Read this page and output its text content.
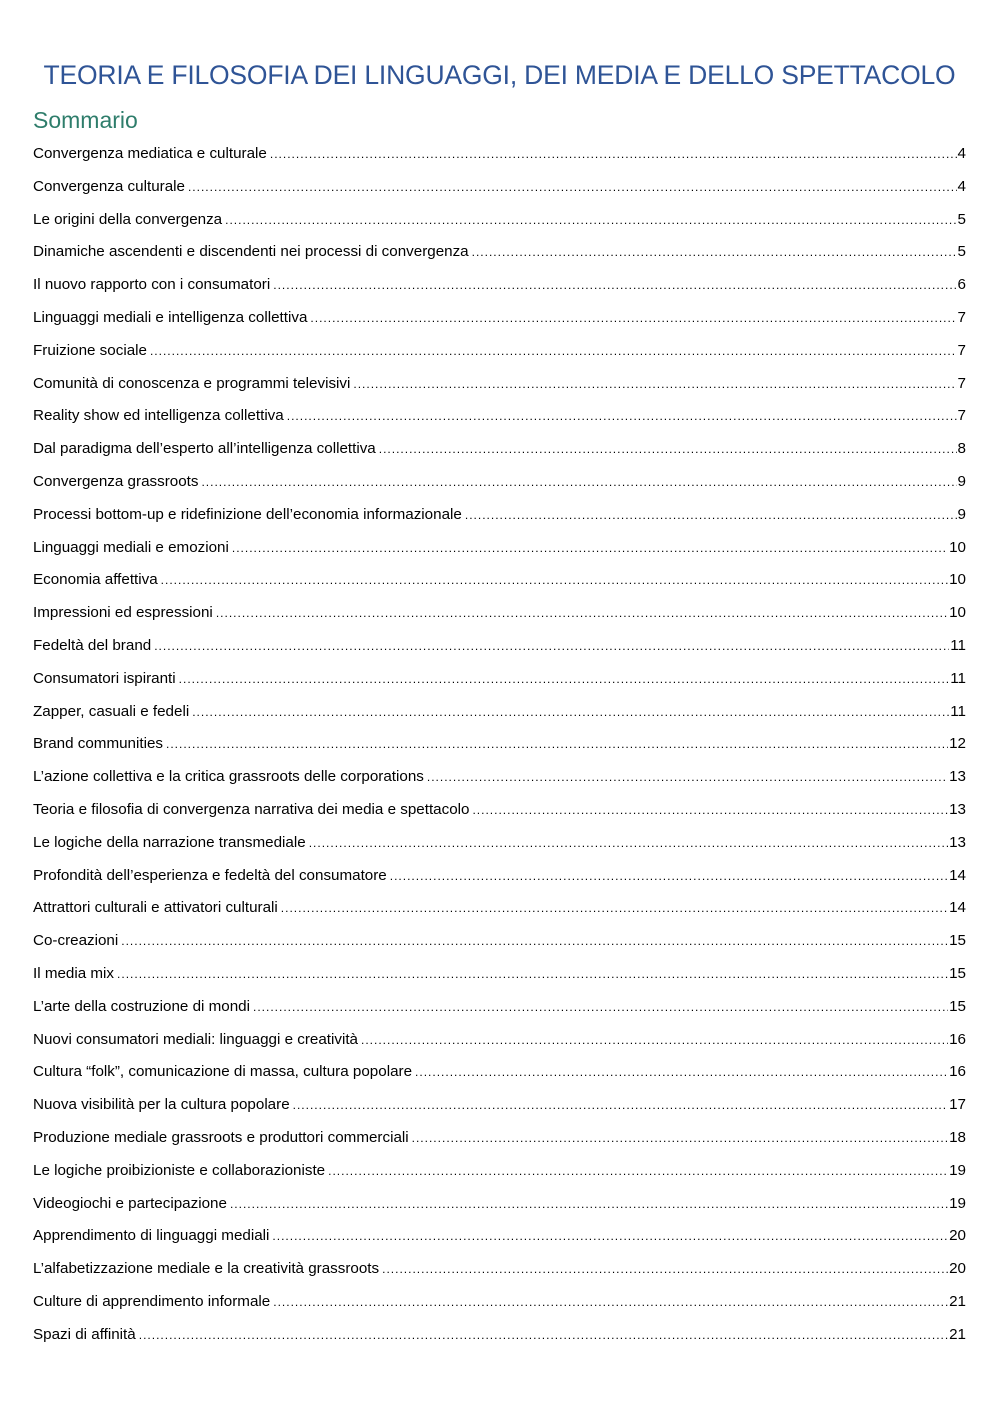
TEORIA E FILOSOFIA DEI LINGUAGGI, DEI MEDIA E DELLO SPETTACOLO
Sommario
Convergenza mediatica e culturale .....	4
Convergenza culturale .....	4
Le origini della convergenza .....	5
Dinamiche ascendenti e discendenti nei processi di convergenza .....	5
Il nuovo rapporto con i consumatori .....	6
Linguaggi mediali e intelligenza collettiva .....	7
Fruizione sociale .....	7
Comunità di conoscenza e programmi televisivi .....	7
Reality show ed intelligenza collettiva .....	7
Dal paradigma dell’esperto all’intelligenza collettiva .....	8
Convergenza grassroots .....	9
Processi bottom-up e ridefinizione dell’economia informazionale .....	9
Linguaggi mediali e emozioni .....	10
Economia affettiva .....	10
Impressioni ed espressioni .....	10
Fedeltà del brand .....	11
Consumatori ispiranti .....	11
Zapper, casuali e fedeli .....	11
Brand communities .....	12
L’azione collettiva e la critica grassroots delle corporations .....	13
Teoria e filosofia di convergenza narrativa dei media e spettacolo .....	13
Le logiche della narrazione transmediale .....	13
Profondità dell’esperienza e fedeltà del consumatore .....	14
Attrattori culturali e attivatori culturali .....	14
Co-creazioni .....	15
Il media mix .....	15
L’arte della costruzione di mondi .....	15
Nuovi consumatori mediali: linguaggi e creatività .....	16
Cultura “folk”, comunicazione di massa, cultura popolare .....	16
Nuova visibilità per la cultura popolare .....	17
Produzione mediale grassroots e produttori commerciali .....	18
Le logiche proibizioniste e collaborazioniste .....	19
Videogiochi e partecipazione .....	19
Apprendimento di linguaggi mediali .....	20
L’alfabetizzazione mediale e la creatività grassroots .....	20
Culture di apprendimento informale .....	21
Spazi di affinità .....	21
